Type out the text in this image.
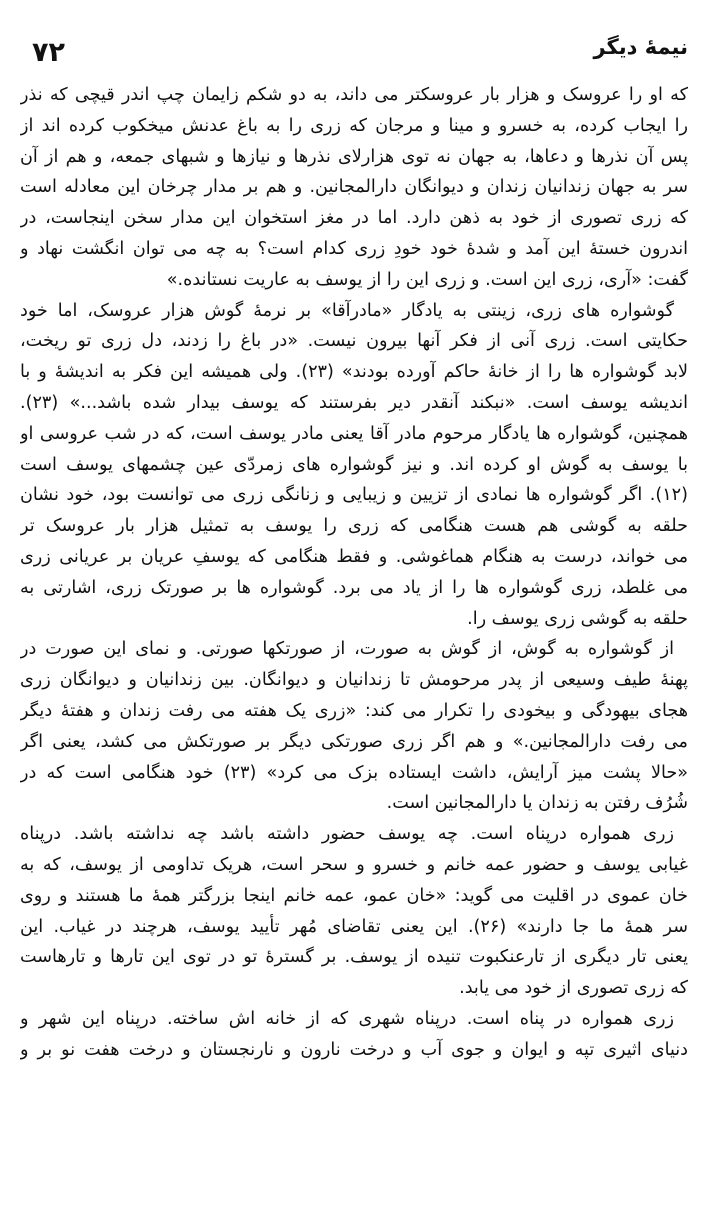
نیمهٔ دیگر
۷۲
که او را عروسک و هزار بار عروسکتر می داند، به دو شکم زایمان چپ اندر قیچی که نذر
را ایجاب کرده، به خسرو و مینا و مرجان که زری را به باغ عدنش میخکوب کرده اند از
پس آن نذرها و دعاها، به جهان نه توی هزارلای نذرها و نیازها و شبهای جمعه، و هم از آن
سر به جهان زندانیان زندان و دیوانگان دارالمجانین. و هم بر مدار چرخان این معادله است
که زری تصوری از خود به ذهن دارد. اما در مغز استخوان این مدار سخن اینجاست، در
اندرون خستهٔ این آمد و شدهٔ خود خودِ زری کدام است؟ به چه می توان انگشت نهاد و
گفت: «آری، زری این است. و زری این را از یوسف به عاریت نستانده.»
گوشواره های زری، زینتی به یادگار «مادرآقا» بر نرمهٔ گوش هزار عروسک، اما خود
حکایتی است. زری آنی از فکر آنها بیرون نیست. «در باغ را زدند، دل زری تو ریخت،
لابد گوشواره ها را از خانهٔ حاکم آورده بودند» (۲۳). ولی همیشه این فکر به اندیشهٔ و با
اندیشه یوسف است. «نبکند آنقدر دیر بفرستند که یوسف بیدار شده باشد...» (۲۳).
همچنین، گوشواره ها یادگار مرحوم مادر آقا یعنی مادر یوسف است، که در شب عروسی او
با یوسف به گوش او کرده اند. و نیز گوشواره های زمردّی عین چشمهای یوسف است
(۱۲). اگر گوشواره ها نمادی از تزیین و زیبایی و زنانگی زری می توانست بود، خود نشان
حلقه به گوشی هم هست هنگامی که زری را یوسف به تمثیل هزار بار عروسک تر
می خواند، درست به هنگام هماغوشی. و فقط هنگامی که یوسفِ عریان بر عریانی زری
می غلطد، زری گوشواره ها را از یاد می برد. گوشواره ها بر صورتک زری، اشارتی به
حلقه به گوشی زری یوسف را.
از گوشواره به گوش، از گوش به صورت، از صورتکها صورتی. و نمای این صورت در
پهنهٔ طیف وسیعی از پدر مرحومش تا زندانیان و دیوانگان. بین زندانیان و دیوانگان زری
هجای بیهودگی و بیخودی را تکرار می کند: «زری یک هفته می رفت زندان و هفتهٔ دیگر
می رفت دارالمجانین.» و هم اگر زری صورتکی دیگر بر صورتکش می کشد، یعنی اگر
«حالا پشت میز آرایش، داشت ایستاده بزک می کرد» (۲۳) خود هنگامی است که در
شُرُف رفتن به زندان یا دارالمجانین است.
زری همواره درپناه است. چه یوسف حضور داشته باشد چه نداشته باشد. درپناه
غیابی یوسف و حضور عمه خانم و خسرو و سحر است، هریک تداومی از یوسف، که به
خان عموی در اقلیت می گوید: «خان عمو، عمه خانم اینجا بزرگتر همهٔ ما هستند و روی
سر همهٔ ما جا دارند» (۲۶). این یعنی تقاضای مُهر تأیید یوسف، هرچند در غیاب. این
یعنی تار دیگری از تارعنکبوت تنیده از یوسف. بر گسترهٔ تو در توی این تارها و تارهاست
که زری تصوری از خود می یابد.
زری همواره در پناه است. درپناه شهری که از خانه اش ساخته. درپناه این شهر و
دنیای اثیری تپه و ایوان و جوی آب و درخت نارون و نارنجستان و درخت هفت نو بر و
